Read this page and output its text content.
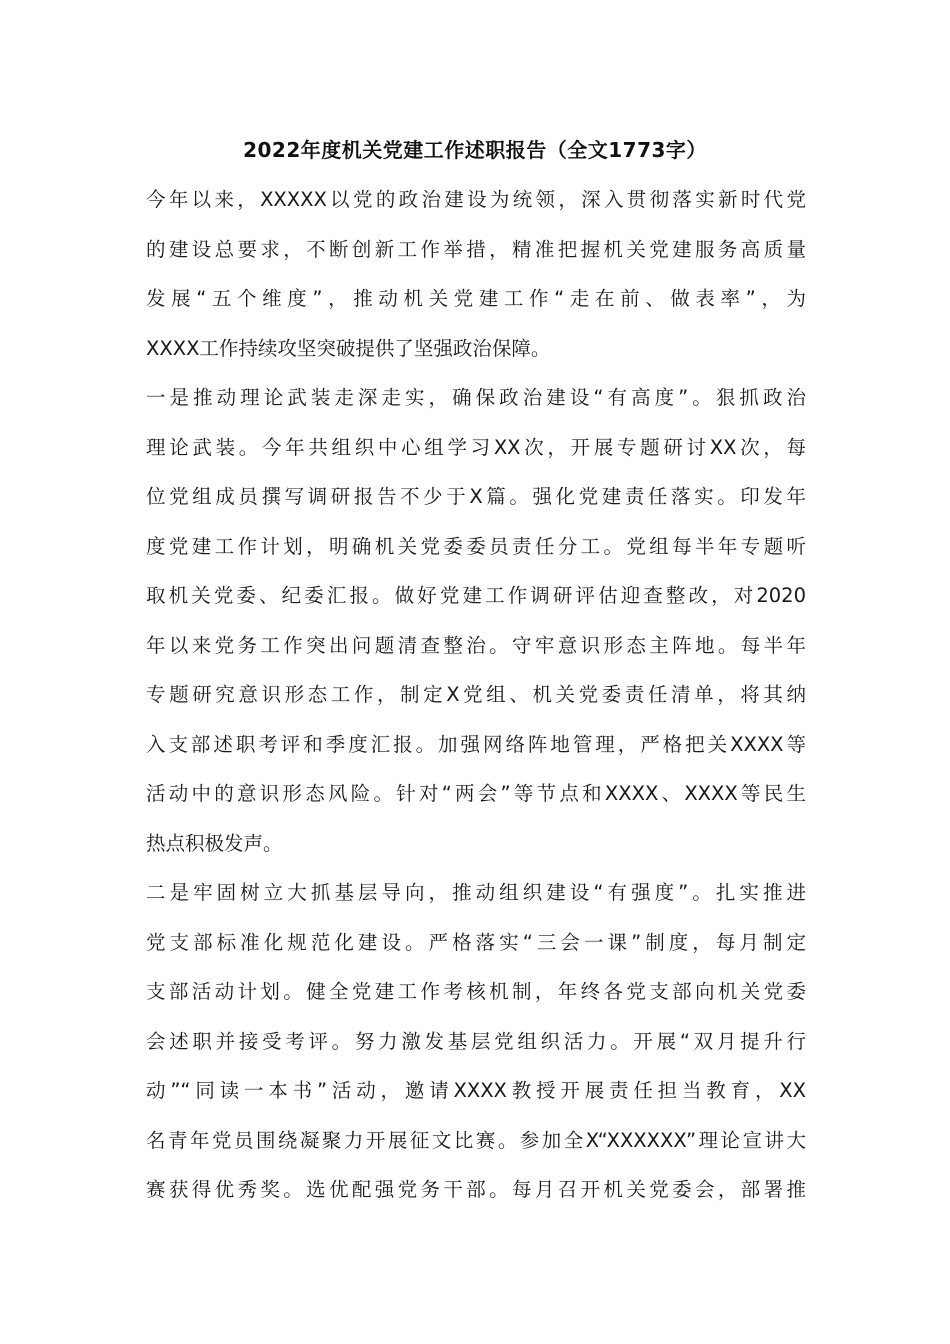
2022年度机关党建工作述职报告（全文1773字）
今年以来，XXXXX以党的政治建设为统领，深入贯彻落实新时代党
的建设总要求，不断创新工作举措，精准把握机关党建服务高质量
发展“五个维度”，推动机关党建工作“走在前、做表率”，为
XXXX工作持续攻坚突破提供了坚强政治保障。
一是推动理论武装走深走实，确保政治建设“有高度”。狠抓政治
理论武装。今年共组织中心组学习XX次，开展专题研讨XX次，每
位党组成员撰写调研报告不少于X篇。强化党建责任落实。印发年
度党建工作计划，明确机关党委委员责任分工。党组每半年专题听
取机关党委、纪委汇报。做好党建工作调研评估迎查整改，对2020
年以来党务工作突出问题清查整治。守牢意识形态主阵地。每半年
专题研究意识形态工作，制定X党组、机关党委责任清单，将其纳
入支部述职考评和季度汇报。加强网络阵地管理，严格把关XXXX等
活动中的意识形态风险。针对“两会”等节点和XXXX、XXXX等民生
热点积极发声。
二是牢固树立大抓基层导向，推动组织建设“有强度”。扎实推进
党支部标准化规范化建设。严格落实“三会一课”制度，每月制定
支部活动计划。健全党建工作考核机制，年终各党支部向机关党委
会述职并接受考评。努力激发基层党组织活力。开展“双月提升行
动”“同读一本书”活动，邀请XXXX教授开展责任担当教育，XX
名青年党员围绕凝聚力开展征文比赛。参加全X“XXXXXX”理论宣讲大
赛获得优秀奖。选优配强党务干部。每月召开机关党委会，部署推
